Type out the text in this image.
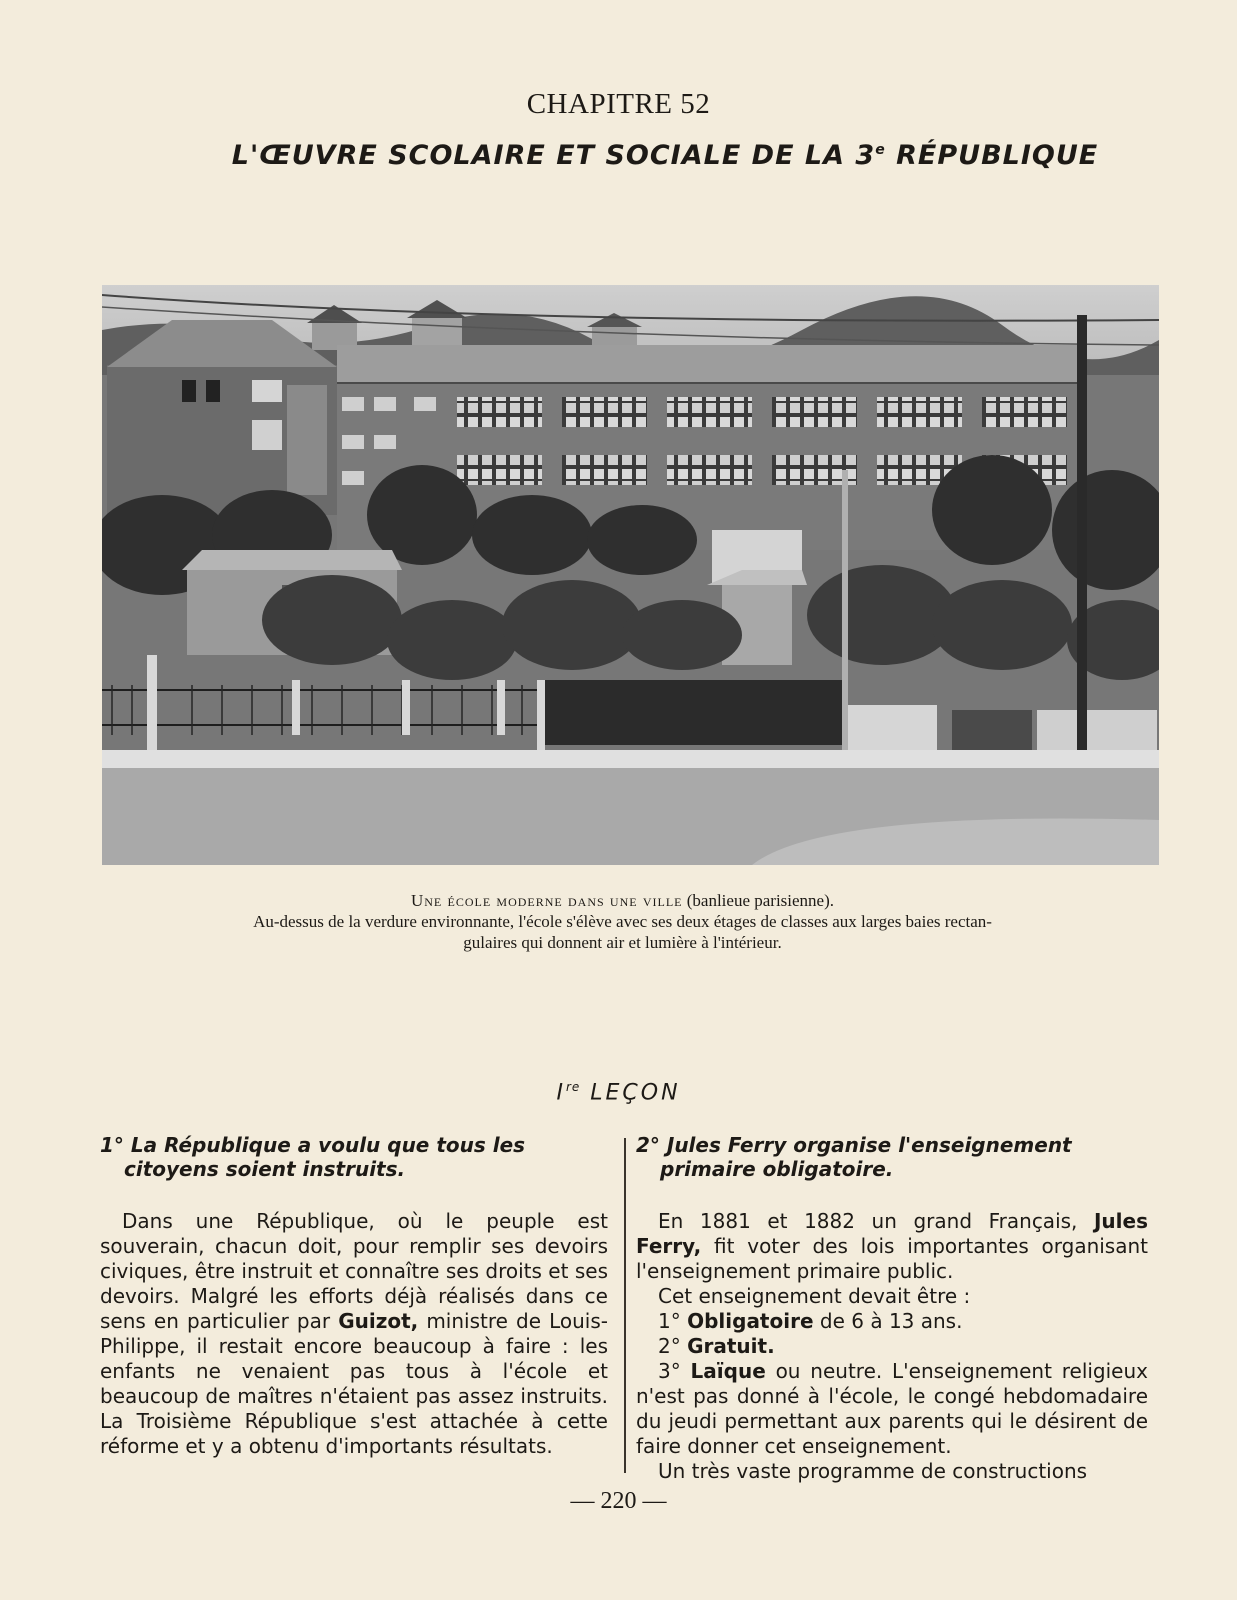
CHAPITRE 52
L'ŒUVRE SCOLAIRE ET SOCIALE DE LA 3e RÉPUBLIQUE
Une école moderne dans une ville (banlieue parisienne).
Au-dessus de la verdure environnante, l'école s'élève avec ses deux étages de classes aux larges baies rectan-
gulaires qui donnent air et lumière à l'intérieur.
Ire LEÇON
1° La République a voulu que tous les citoyens soient instruits.

Dans une République, où le peuple est souverain, chacun doit, pour remplir ses devoirs civiques, être instruit et connaître ses droits et ses devoirs. Malgré les efforts déjà réalisés dans ce sens en particulier par Guizot, ministre de Louis-Philippe, il restait encore beaucoup à faire : les enfants ne venaient pas tous à l'école et beaucoup de maîtres n'étaient pas assez instruits. La Troisième République s'est attachée à cette réforme et y a obtenu d'importants résultats.

2° Jules Ferry organise l'enseignement primaire obligatoire.

En 1881 et 1882 un grand Français, Jules Ferry, fit voter des lois importantes organisant l'enseignement primaire public.

Cet enseignement devait être :

1° Obligatoire de 6 à 13 ans.

2° Gratuit.

3° Laïque ou neutre. L'enseignement religieux n'est pas donné à l'école, le congé hebdomadaire du jeudi permettant aux parents qui le désirent de faire donner cet enseignement.

Un très vaste programme de constructions

— 220 —
